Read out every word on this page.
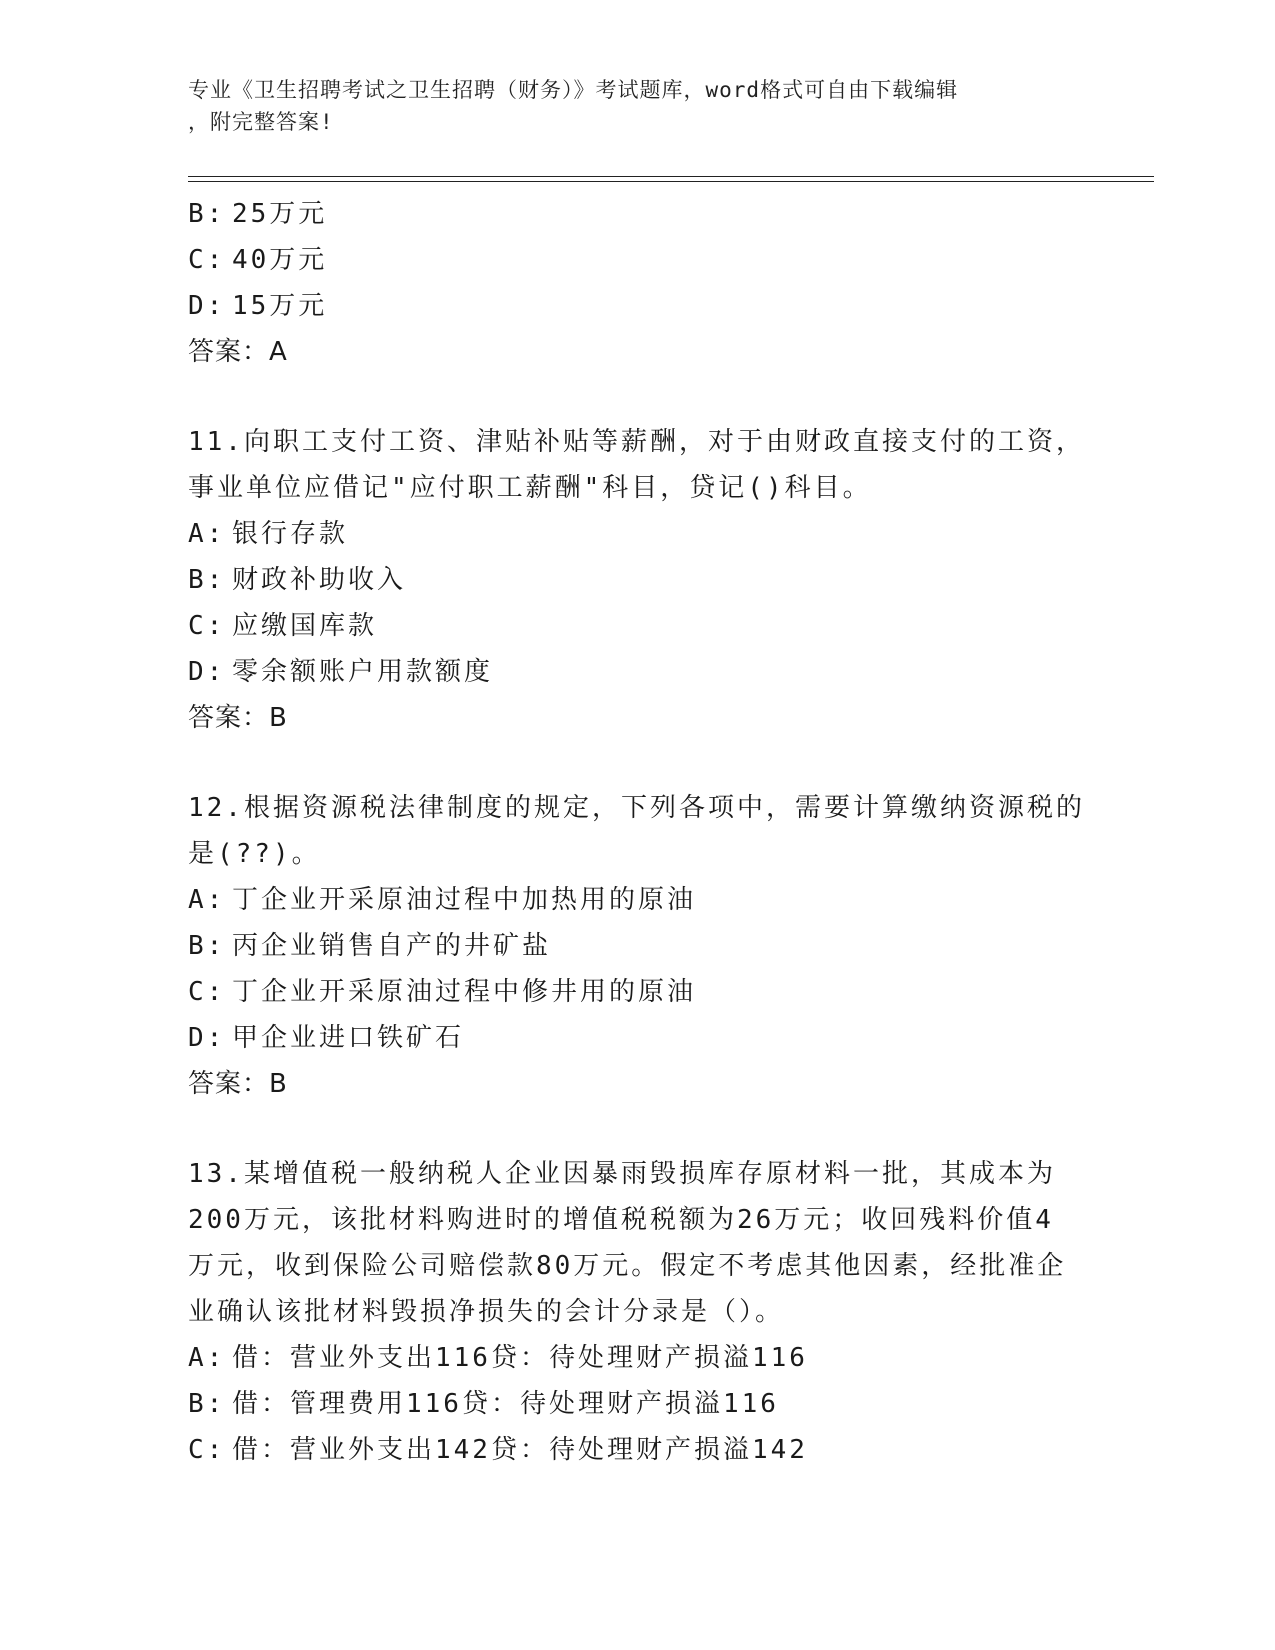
专业《卫生招聘考试之卫生招聘（财务）》考试题库，word格式可自由下载编辑
，附完整答案!
B: 25万元
C: 40万元
D: 15万元
答案：A
11.向职工支付工资、津贴补贴等薪酬，对于由财政直接支付的工资，
事业单位应借记"应付职工薪酬"科目，贷记()科目。
A: 银行存款
B: 财政补助收入
C: 应缴国库款
D: 零余额账户用款额度
答案：B
12.根据资源税法律制度的规定，下列各项中，需要计算缴纳资源税的
是(??)。
A: 丁企业开采原油过程中加热用的原油
B: 丙企业销售自产的井矿盐
C: 丁企业开采原油过程中修井用的原油
D: 甲企业进口铁矿石
答案：B
13.某增值税一般纳税人企业因暴雨毁损库存原材料一批，其成本为
200万元，该批材料购进时的增值税税额为26万元；收回残料价值4
万元，收到保险公司赔偿款80万元。假定不考虑其他因素，经批准企
业确认该批材料毁损净损失的会计分录是（）。
A: 借：营业外支出116贷：待处理财产损溢116
B: 借：管理费用116贷：待处理财产损溢116
C: 借：营业外支出142贷：待处理财产损溢142
